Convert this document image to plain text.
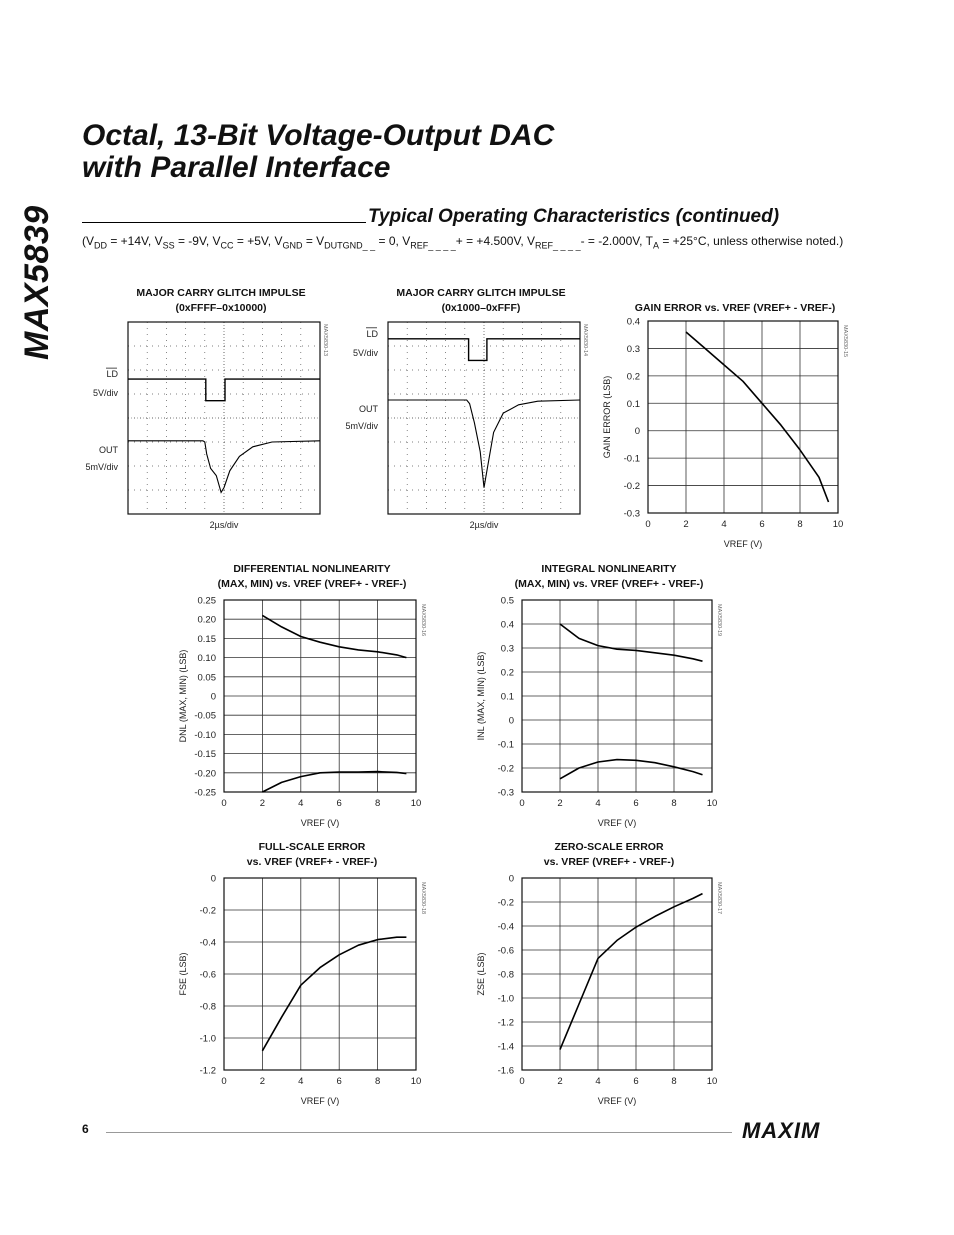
MAX5839
Octal, 13-Bit Voltage-Output DAC
with Parallel Interface
Typical Operating Characteristics (continued)
($V_{DD} = +14V$, $V_{SS} = -9V$, $V_{CC} = +5V$, $V_{GND} = V_{DUTGND\_ \_} = 0$, $V_{REF\_ \_ \_ \_}+ = +4.500V$, $V_{REF\_ \_ \_ \_}- = -2.000V$, $T_A = +25^\circ C$, unless otherwise noted.)
MAJOR CARRY GLITCH IMPULSE
(0xFFFF–0x10000)
LD
5V/div
OUT
5mV/div
2µs/div
MAX5830-13
MAJOR CARRY GLITCH IMPULSE
(0x1000–0xFFF)
LD
5V/div
OUT
5mV/div
2µs/div
MAX5830-14
GAIN ERROR vs. VREF (VREF+ - VREF-)
0	2	4	6	8	10
-0.3
-0.2
-0.1
0
0.1
0.2
0.3
0.4
VREF (V)
GAIN ERROR (LSB)
MAX5830-15
DIFFERENTIAL NONLINEARITY
(MAX, MIN) vs. VREF (VREF+ - VREF-)
0	2	4	6	8	10
-0.25
-0.20
-0.15
-0.10
-0.05
0
0.05
0.10
0.15
0.20
0.25
VREF (V)
DNL (MAX, MIN) (LSB)
MAX5830-16
INTEGRAL NONLINEARITY
(MAX, MIN) vs. VREF (VREF+ - VREF-)
0	2	4	6	8	10
-0.3
-0.2
-0.1
0
0.1
0.2
0.3
0.4
0.5
VREF (V)
INL (MAX, MIN) (LSB)
MAX5830-19
FULL-SCALE ERROR
vs. VREF (VREF+ - VREF-)
0	2	4	6	8	10
-1.2
-1.0
-0.8
-0.6
-0.4
-0.2
0
VREF (V)
FSE (LSB)
MAX5830-18
ZERO-SCALE ERROR
vs. VREF (VREF+ - VREF-)
0	2	4	6	8	10
-1.6
-1.4
-1.2
-1.0
-0.8
-0.6
-0.4
-0.2
0
VREF (V)
ZSE (LSB)
MAX5830-17
6	MAXIM
